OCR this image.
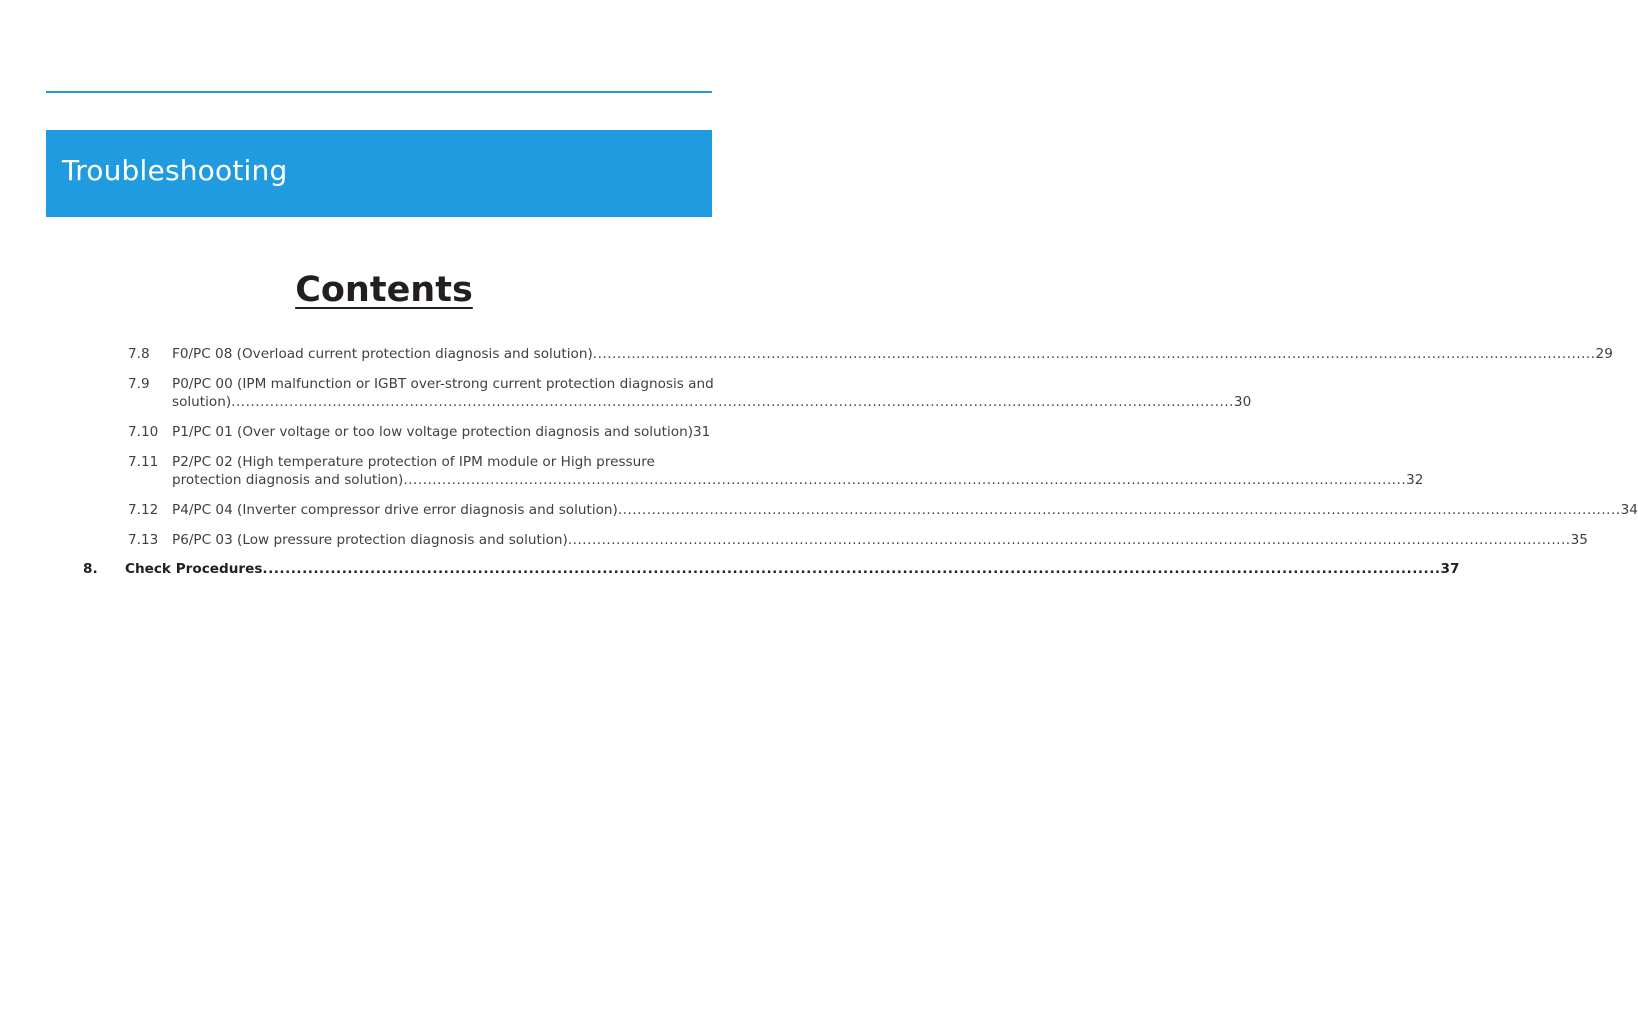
Troubleshooting
Contents
7.8 F0/PC 08 (Overload current protection diagnosis and solution) .....	29
7.9 P0/PC 00 (IPM malfunction or IGBT over-strong current protection diagnosis and
solution) .....	30
7.10 P1/PC 01 (Over voltage or too low voltage protection diagnosis and solution) 31
7.11 P2/PC 02 (High temperature protection of IPM module or High pressure
protection diagnosis and solution) .....	32
7.12 P4/PC 04 (Inverter compressor drive error diagnosis and solution) .....	34
7.13 P6/PC 03 (Low pressure protection diagnosis and solution) .....	35
8. Check Procedures .....	37
